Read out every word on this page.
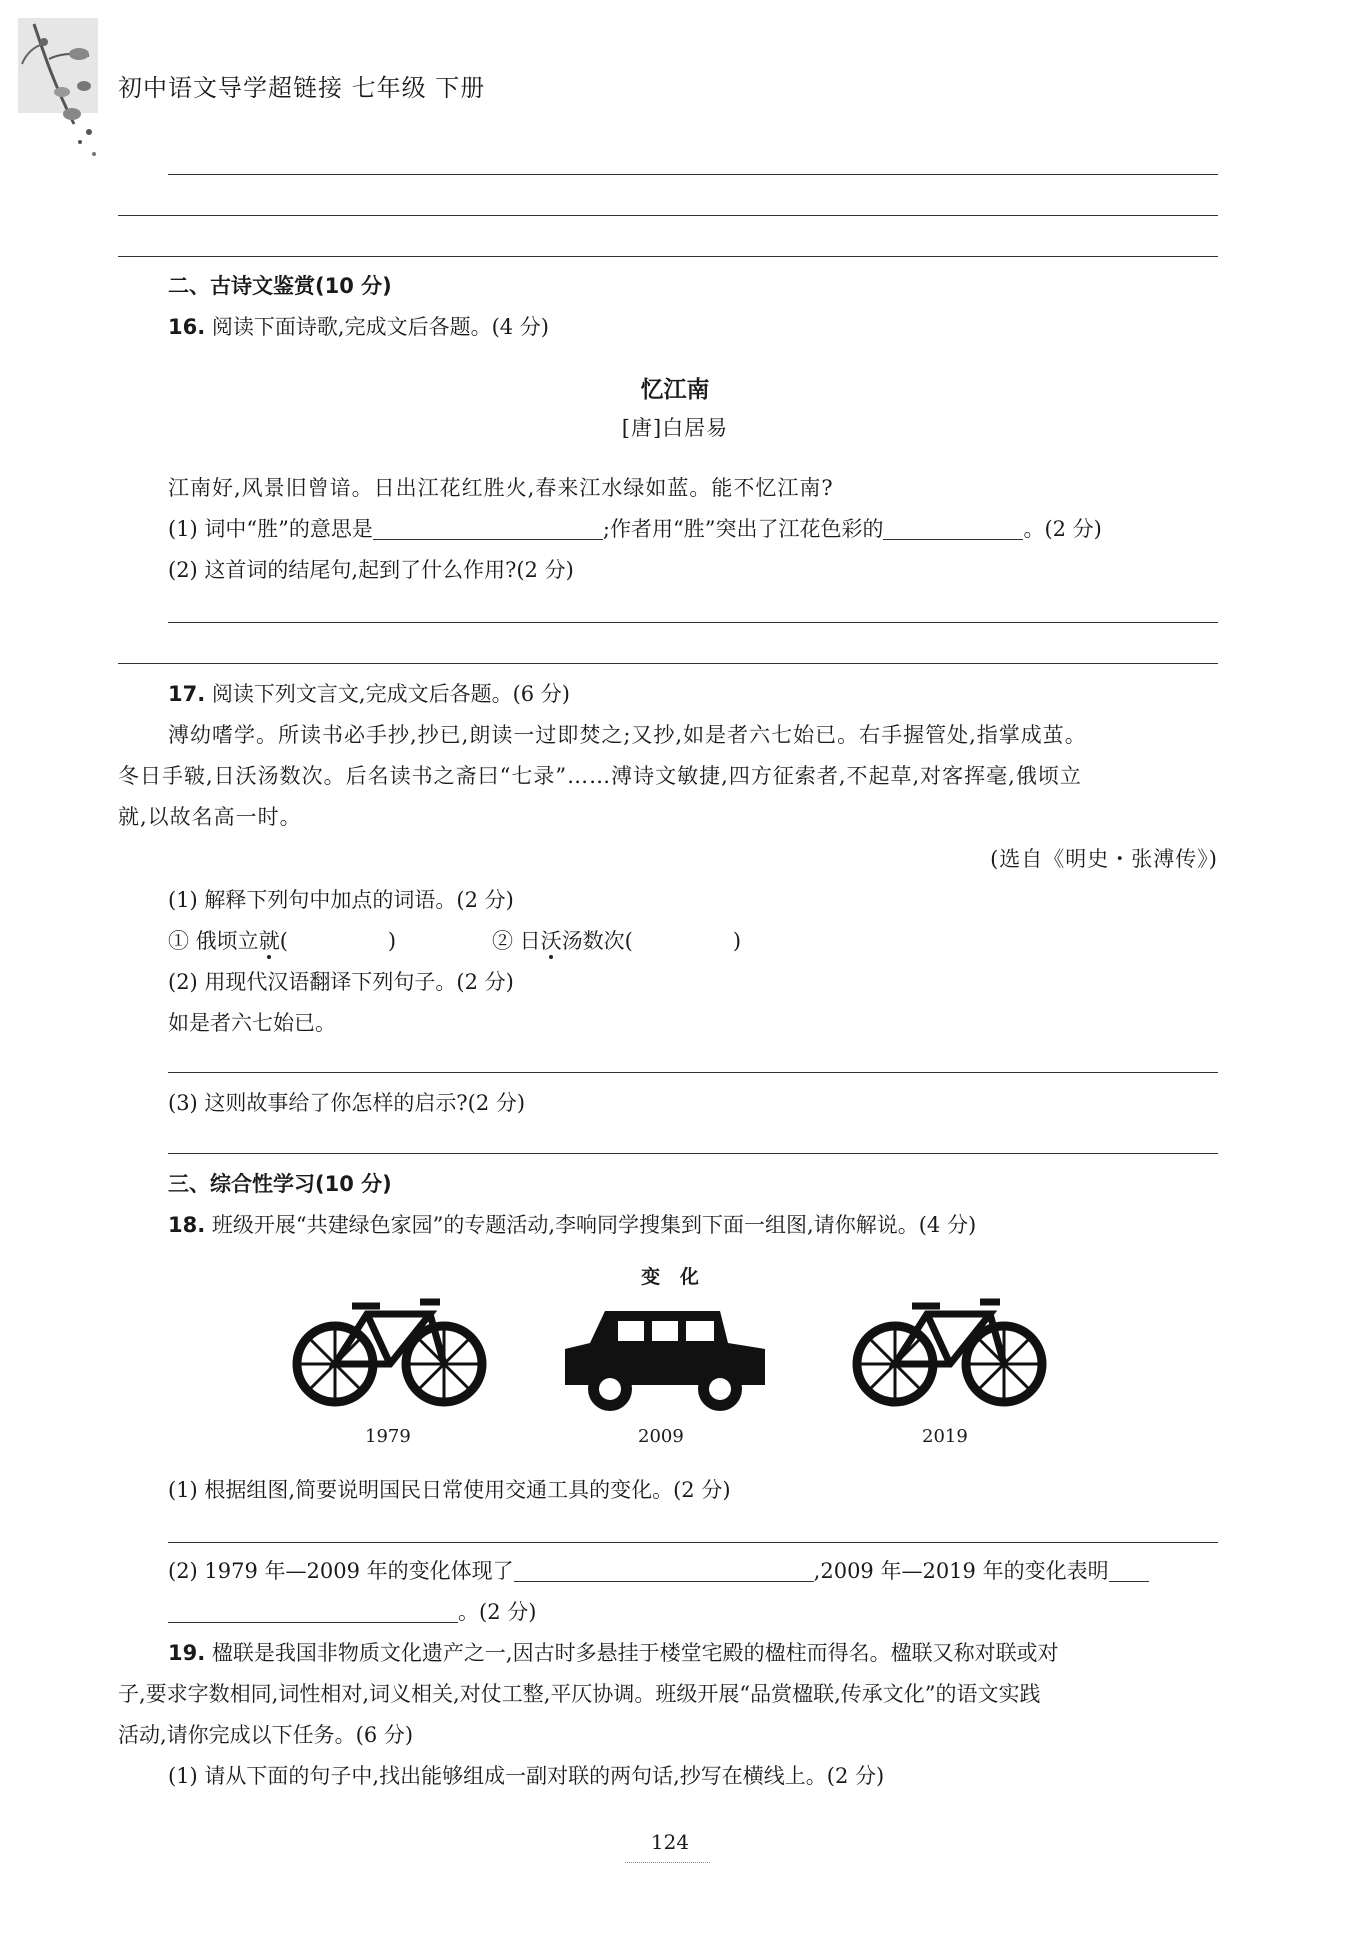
初中语文导学超链接 七年级 下册
二、古诗文鉴赏(10 分)
16. 阅读下面诗歌,完成文后各题。(4 分)
忆江南
[唐]白居易
江南好,风景旧曾谙。日出江花红胜火,春来江水绿如蓝。能不忆江南?
(1) 词中“胜”的意思是	;作者用“胜”突出了江花色彩的	。(2 分)
(2) 这首词的结尾句,起到了什么作用?(2 分)
17. 阅读下列文言文,完成文后各题。(6 分)
溥幼嗜学。所读书必手抄,抄已,朗读一过即焚之;又抄,如是者六七始已。右手握管处,指掌成茧。
冬日手皲,日沃汤数次。后名读书之斋曰“七录”……溥诗文敏捷,四方征索者,不起草,对客挥毫,俄顷立
就,以故名高一时。
(选自《明史・张溥传》)
(1) 解释下列句中加点的词语。(2 分)
① 俄顷立就(	)	② 日沃汤数次(	)
(2) 用现代汉语翻译下列句子。(2 分)
如是者六七始已。
(3) 这则故事给了你怎样的启示?(2 分)
三、综合性学习(10 分)
18. 班级开展“共建绿色家园”的专题活动,李响同学搜集到下面一组图,请你解说。(4 分)
变   化
1979	2009	2019
(1) 根据组图,简要说明国民日常使用交通工具的变化。(2 分)
(2) 1979 年—2009 年的变化体现了	,2009 年—2019 年的变化表明
。(2 分)
19. 楹联是我国非物质文化遗产之一,因古时多悬挂于楼堂宅殿的楹柱而得名。楹联又称对联或对
子,要求字数相同,词性相对,词义相关,对仗工整,平仄协调。班级开展“品赏楹联,传承文化”的语文实践
活动,请你完成以下任务。(6 分)
(1) 请从下面的句子中,找出能够组成一副对联的两句话,抄写在横线上。(2 分)
124
